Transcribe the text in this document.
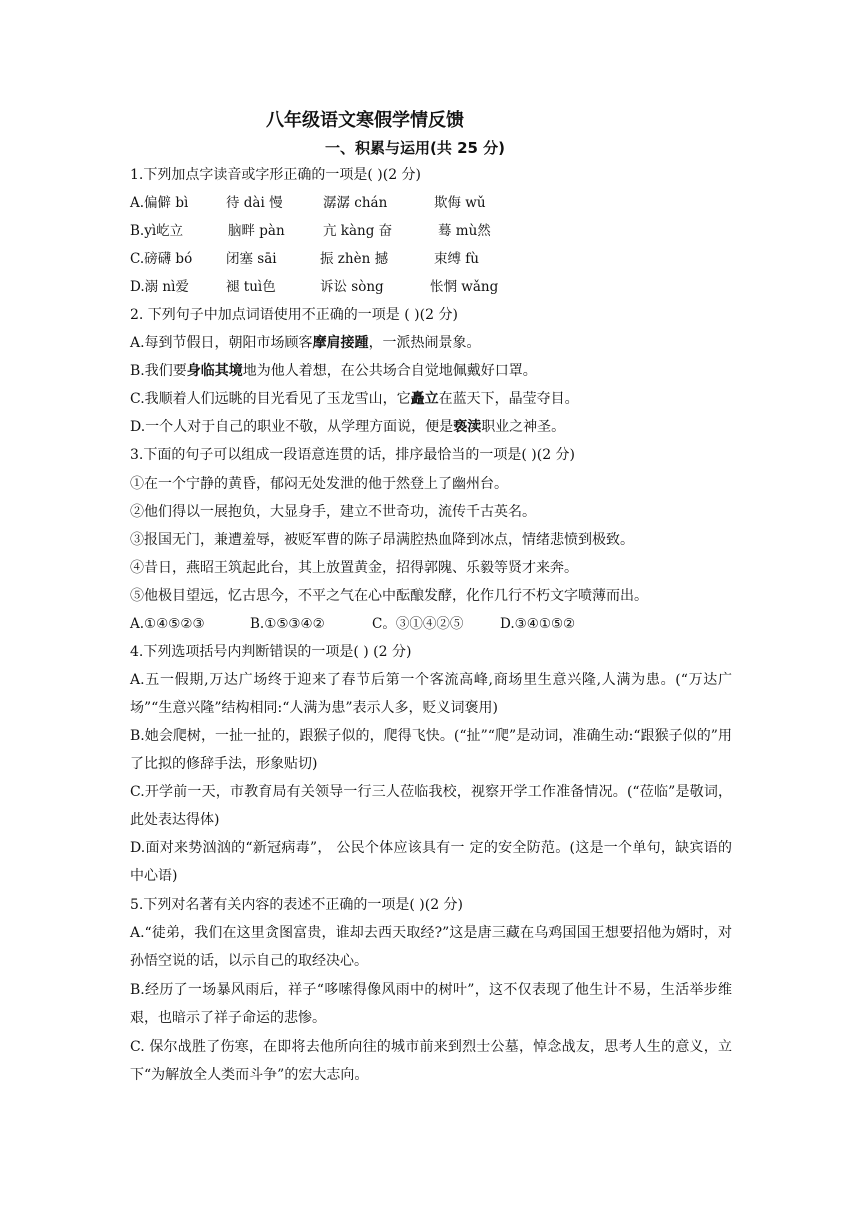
八年级语文寒假学情反馈
一、积累与运用(共 25 分)
1.下列加点字读音或字形正确的一项是( )(2 分)
A.偏僻 bì	待 dài 慢	潺潺 chán	欺侮 wǔ
B.yì屹立	脑畔 pàn	亢 kàng 奋	蓦 mù然
C.磅礴 bó	闭塞 sāi	振 zhèn 撼	束缚 fù
D.溺 nì爱	褪 tuì色	诉讼 sòng	怅惘 wǎng
2. 下列句子中加点词语使用不正确的一项是 ( )(2 分)
A.每到节假日，朝阳市场顾客摩肩接踵，一派热闹景象。
B.我们要身临其境地为他人着想，在公共场合自觉地佩戴好口罩。
C.我顺着人们远眺的目光看见了玉龙雪山，它矗立在蓝天下，晶莹夺目。
D.一个人对于自己的职业不敬，从学理方面说，便是亵渎职业之神圣。
3.下面的句子可以组成一段语意连贯的话，排序最恰当的一项是( )(2 分)
①在一个宁静的黄昏，郁闷无处发泄的他于然登上了幽州台。
②他们得以一展抱负，大显身手，建立不世奇功，流传千古英名。
③报国无门，兼遭羞辱，被贬军曹的陈子昂满腔热血降到冰点，情绪悲愤到极致。
④昔日，燕昭王筑起此台，其上放置黄金，招得郭隗、乐毅等贤才来奔。
⑤他极目望远，忆古思今，不平之气在心中酝酿发酵，化作几行不朽文字喷薄而出。
A.①④⑤②③	B.①⑤③④②	C。③①④②⑤	D.③④①⑤②
4.下列选项括号内判断错误的一项是( ) (2 分)
A.五一假期,万达广场终于迎来了春节后第一个客流高峰,商场里生意兴隆,人满为患。(“万达广场”“生意兴隆”结构相同:“人满为患”表示人多，贬义词褒用)
B.她会爬树，一扯一扯的，跟猴子似的，爬得飞快。(“扯”“爬”是动词，准确生动:“跟猴子似的”用了比拟的修辞手法，形象贴切)
C.开学前一天，市教育局有关领导一行三人莅临我校，视察开学工作准备情况。(“莅临”是敬词，此处表达得体)
D.面对来势汹汹的“新冠病毒”， 公民个体应该具有一 定的安全防范。(这是一个单句，缺宾语的中心语)
5.下列对名著有关内容的表述不正确的一项是( )(2 分)
A.“徒弟，我们在这里贪图富贵，谁却去西天取经?”这是唐三藏在乌鸡国国王想要招他为婿时，对孙悟空说的话，以示自己的取经决心。
B.经历了一场暴风雨后，祥子“哆嗦得像风雨中的树叶”，这不仅表现了他生计不易，生活举步维艰，也暗示了祥子命运的悲惨。
C. 保尔战胜了伤寒，在即将去他所向往的城市前来到烈士公墓，悼念战友，思考人生的意义，立下“为解放全人类而斗争”的宏大志向。
